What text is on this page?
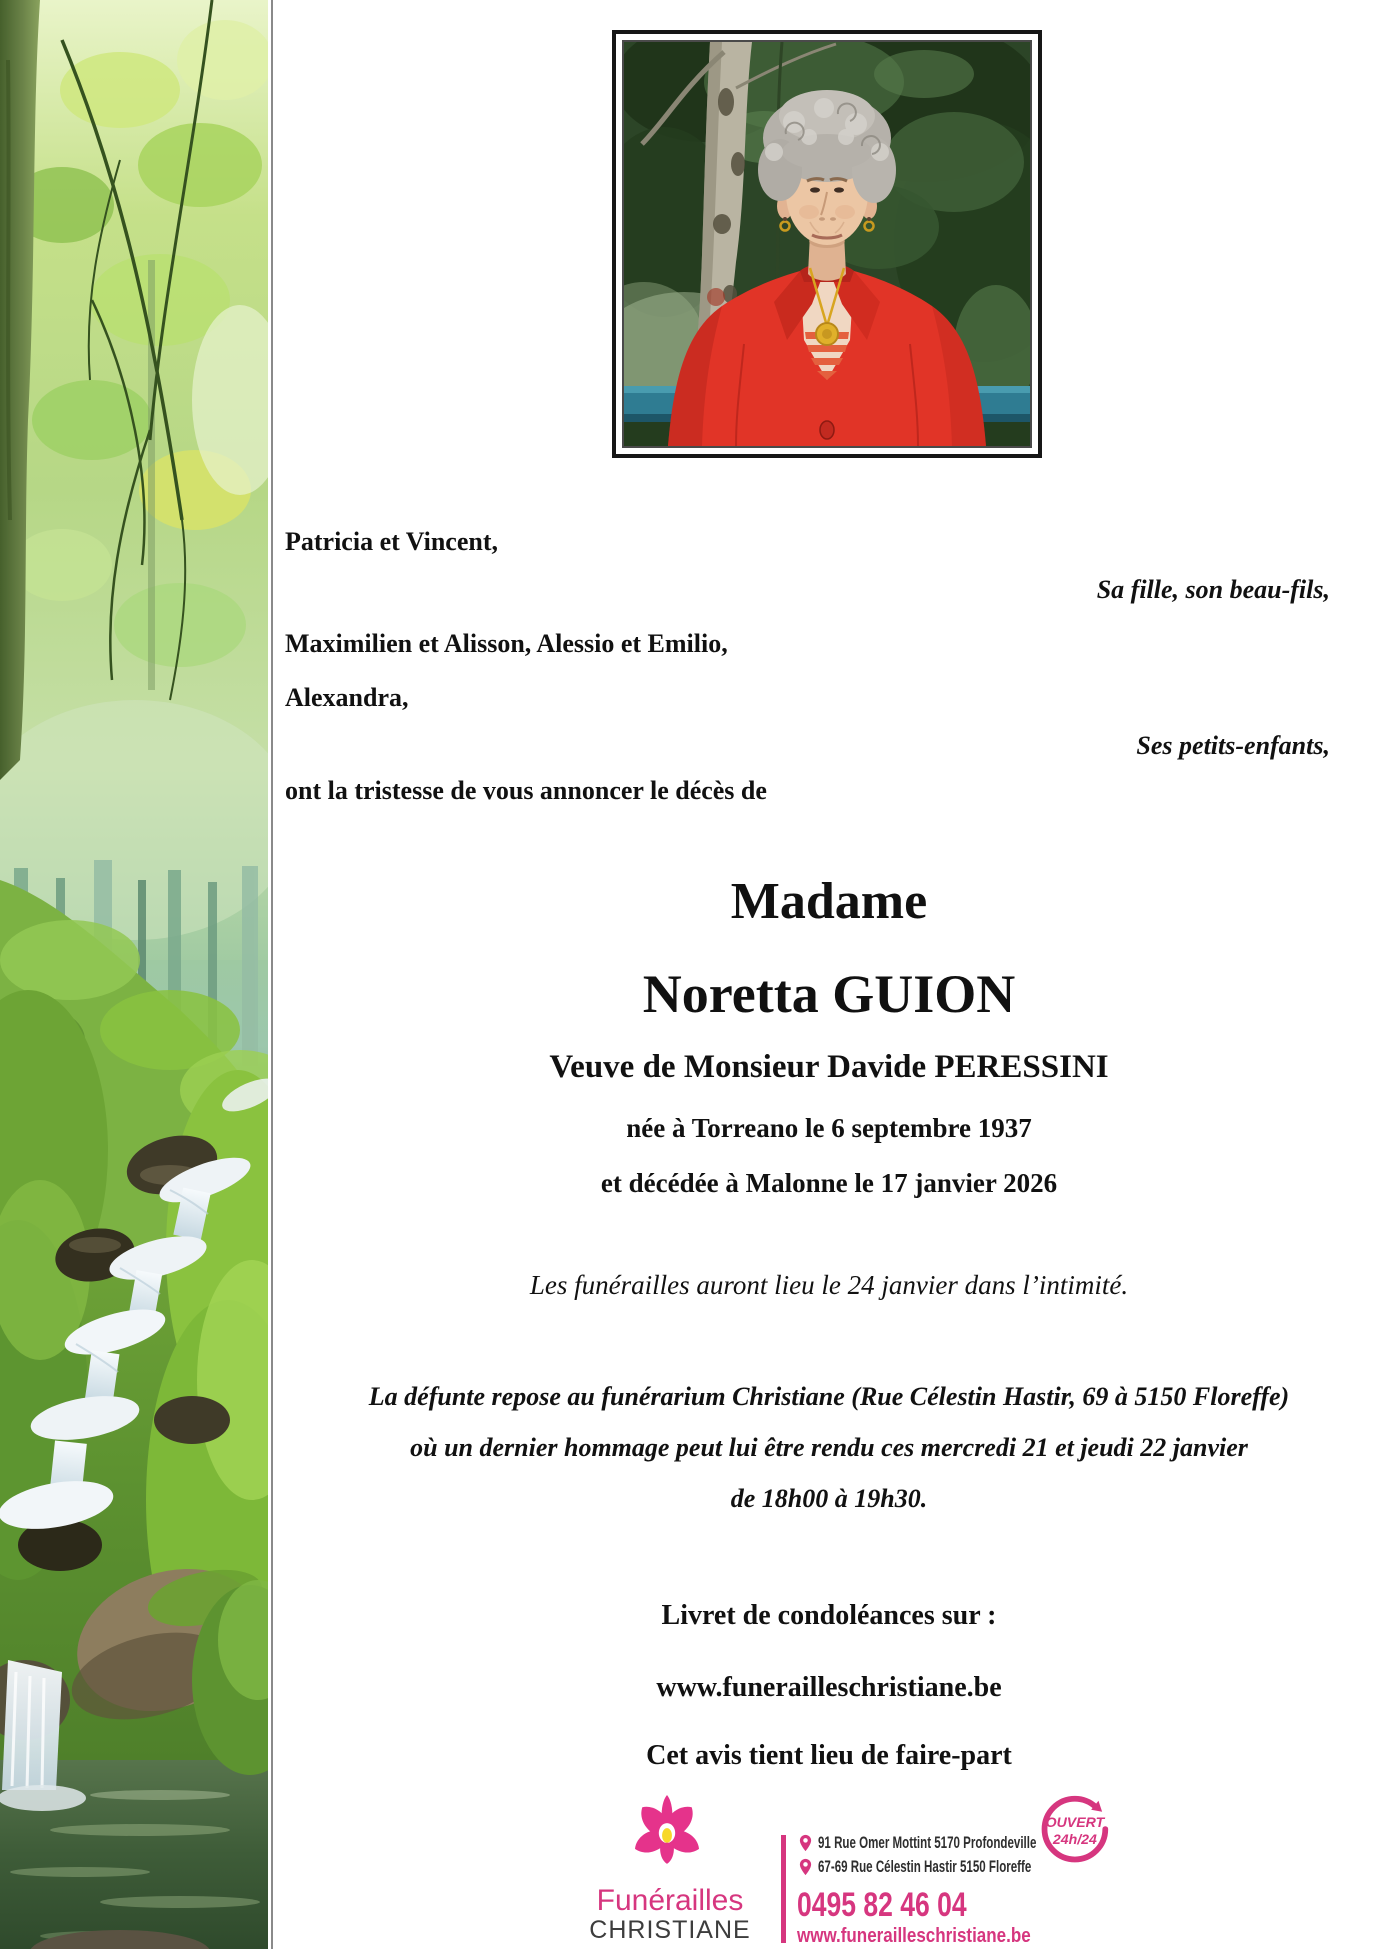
Patricia et Vincent,
Sa fille, son beau-fils,
Maximilien et Alisson, Alessio et Emilio,
Alexandra,
Ses petits-enfants,
ont la tristesse de vous annoncer le décès de
Madame
Noretta GUION
Veuve de Monsieur Davide PERESSINI
née à Torreano le 6 septembre 1937
et décédée à Malonne le 17 janvier 2026
Les funérailles auront lieu le 24 janvier dans l’intimité.
La défunte repose au funérarium Christiane (Rue Célestin Hastir, 69 à 5150 Floreffe)
où un dernier hommage peut lui être rendu ces mercredi 21 et jeudi 22 janvier
de 18h00 à 19h30.
Livret de condoléances sur :
www.funerailleschristiane.be
Cet avis tient lieu de faire-part
Funérailles
CHRISTIANE
91 Rue Omer Mottint 5170 Profondeville
67-69 Rue Célestin Hastir 5150 Floreffe
0495 82 46 04
www.funerailleschristiane.be
OUVERT
24h/24
